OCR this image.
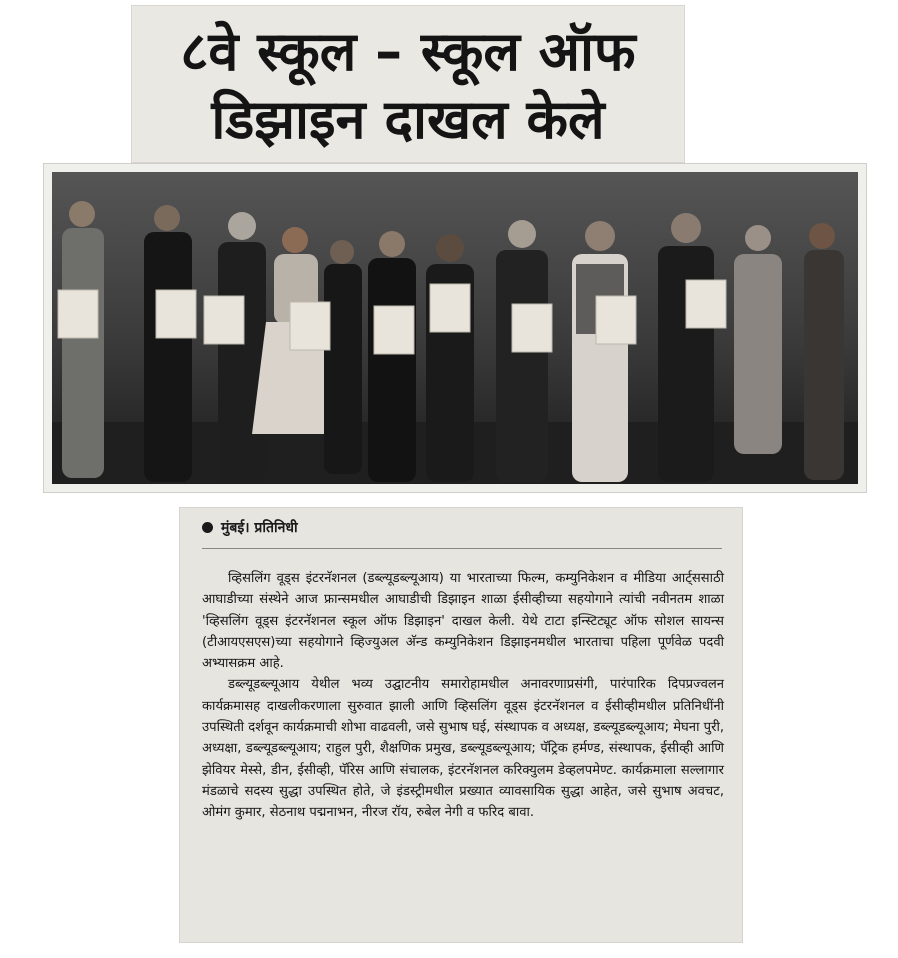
८वे स्कूल – स्कूल ऑफ
डिझाइन दाखल केले
मुंबई। प्रतिनिधी

व्हिसलिंग वूड्स इंटरनॅशनल (डब्ल्यूडब्ल्यूआय) या भारताच्या फिल्म, कम्युनिकेशन व मीडिया आर्ट्ससाठी आघाडीच्या संस्थेने आज फ्रान्समधील आघाडीची डिझाइन शाळा ईसीव्हीच्या सहयोगाने त्यांची नवीनतम शाळा 'व्हिसलिंग वूड्स इंटरनॅशनल स्कूल ऑफ डिझाइन' दाखल केली. येथे टाटा इन्स्टिट्यूट ऑफ सोशल सायन्स (टीआयएसएस)च्या सहयोगाने व्हिज्युअल अ‍ॅन्ड कम्युनिकेशन डिझाइनमधील भारताचा पहिला पूर्णवेळ पदवी अभ्यासक्रम आहे.

डब्ल्यूडब्ल्यूआय येथील भव्य उद्घाटनीय समारोहामधील अनावरणाप्रसंगी, पारंपारिक दिपप्रज्वलन कार्यक्रमासह दाखलीकरणाला सुरुवात झाली आणि व्हिसलिंग वूड्स इंटरनॅशनल व ईसीव्हीमधील प्रतिनिधींनी उपस्थिती दर्शवून कार्यक्रमाची शोभा वाढवली, जसे सुभाष घई, संस्थापक व अध्यक्ष, डब्ल्यूडब्ल्यूआय; मेघना पुरी, अध्यक्षा, डब्ल्यूडब्ल्यूआय; राहुल पुरी, शैक्षणिक प्रमुख, डब्ल्यूडब्ल्यूआय; पॅट्रिक हर्मण्ड, संस्थापक, ईसीव्ही आणि झेवियर मेस्से, डीन, ईसीव्ही, पॅरिस आणि संचालक, इंटरनॅशनल करिक्युलम डेव्हलपमेण्ट. कार्यक्रमाला सल्लागार मंडळाचे सदस्य सुद्धा उपस्थित होते, जे इंडस्ट्रीमधील प्रख्यात व्यावसायिक सुद्धा आहेत, जसे सुभाष अवचट, ओमंग कुमार, सेठनाथ पद्मनाभन, नीरज रॉय, रुबेल नेगी व फरिद बावा.
